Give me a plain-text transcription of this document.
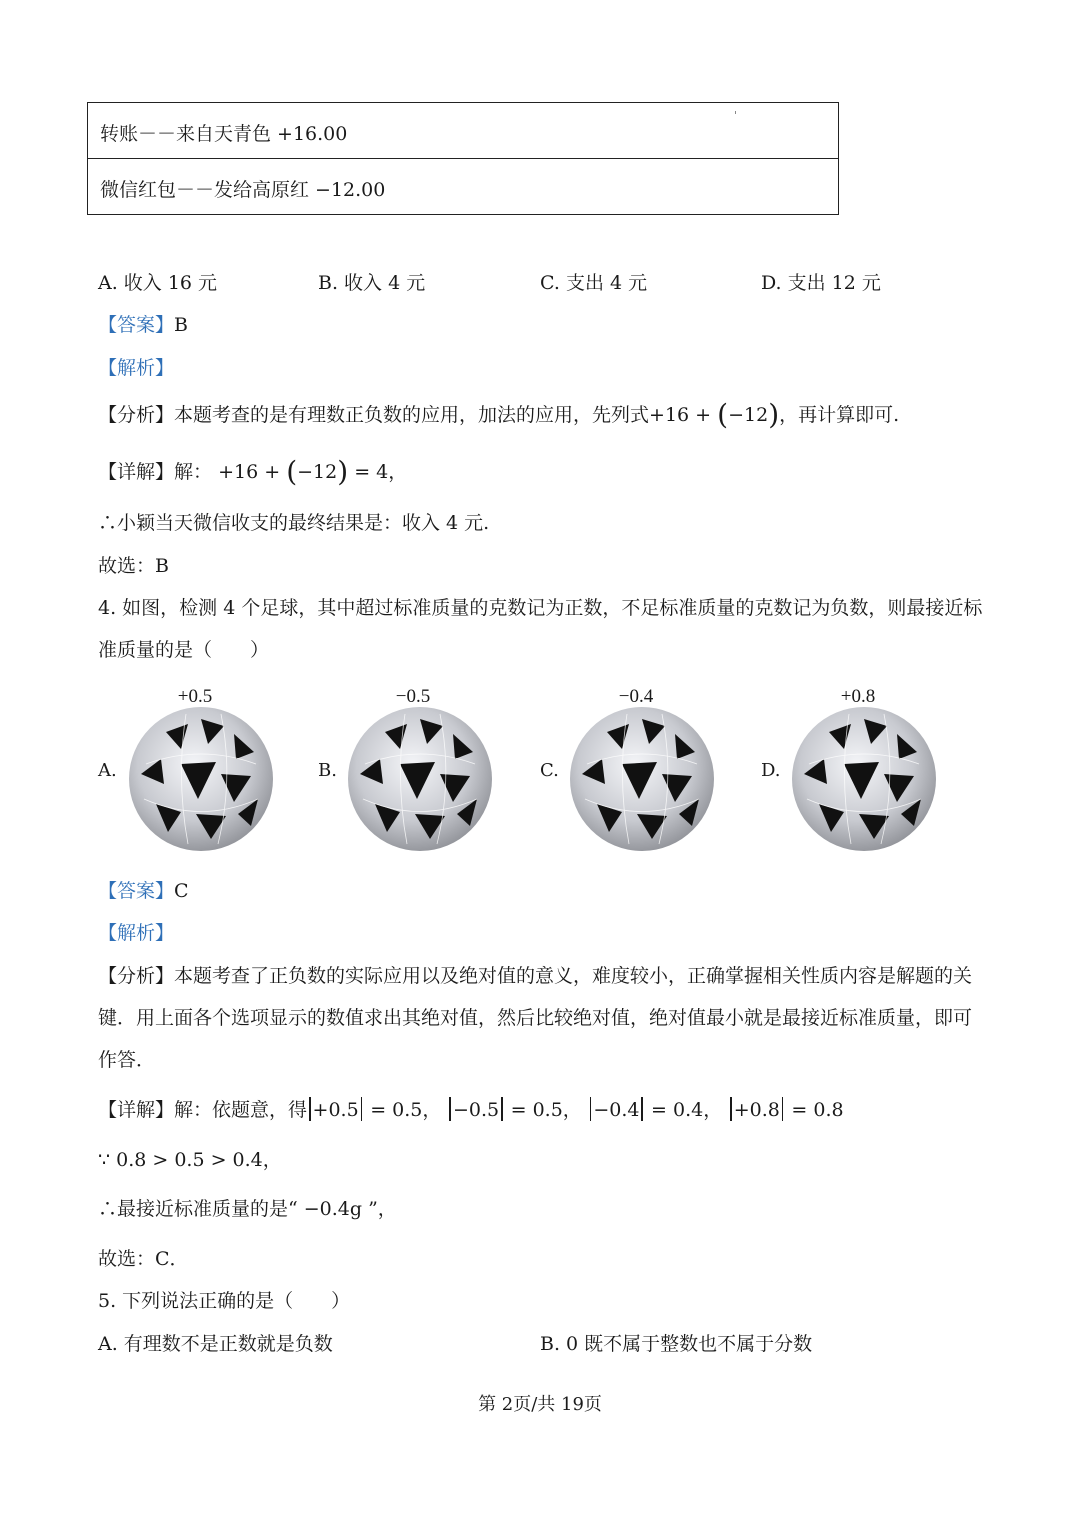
转账－－来自天青色 +16.00
微信红包－－发给高原红 −12.00
A. 收入 16 元	B. 收入 4 元	C. 支出 4 元	D. 支出 12 元
【答案】B
【解析】
【分析】本题考查的是有理数正负数的应用，加法的应用，先列式+16 + (−12)，再计算即可.
【详解】解： +16 + (−12) = 4，
∴小颖当天微信收支的最终结果是：收入 4 元.
故选：B
4. 如图，检测 4 个足球，其中超过标准质量的克数记为正数，不足标准质量的克数记为负数，则最接近标
准质量的是（　　）
+0.5
A.
−0.5
B.
−0.4
C.
+0.8
D.
【答案】C
【解析】
【分析】本题考查了正负数的实际应用以及绝对值的意义，难度较小，正确掌握相关性质内容是解题的关
键．用上面各个选项显示的数值求出其绝对值，然后比较绝对值，绝对值最小就是最接近标准质量，即可
作答．
【详解】解：依题意，得 +0.5 = 0.5， −0.5 = 0.5， −0.4 = 0.4， +0.8 = 0.8
∵ 0.8 > 0.5 > 0.4，
∴最接近标准质量的是“ −0.4g ”，
故选：C．
5. 下列说法正确的是（　　）
A. 有理数不是正数就是负数	B. 0 既不属于整数也不属于分数
第 2页/共 19页
